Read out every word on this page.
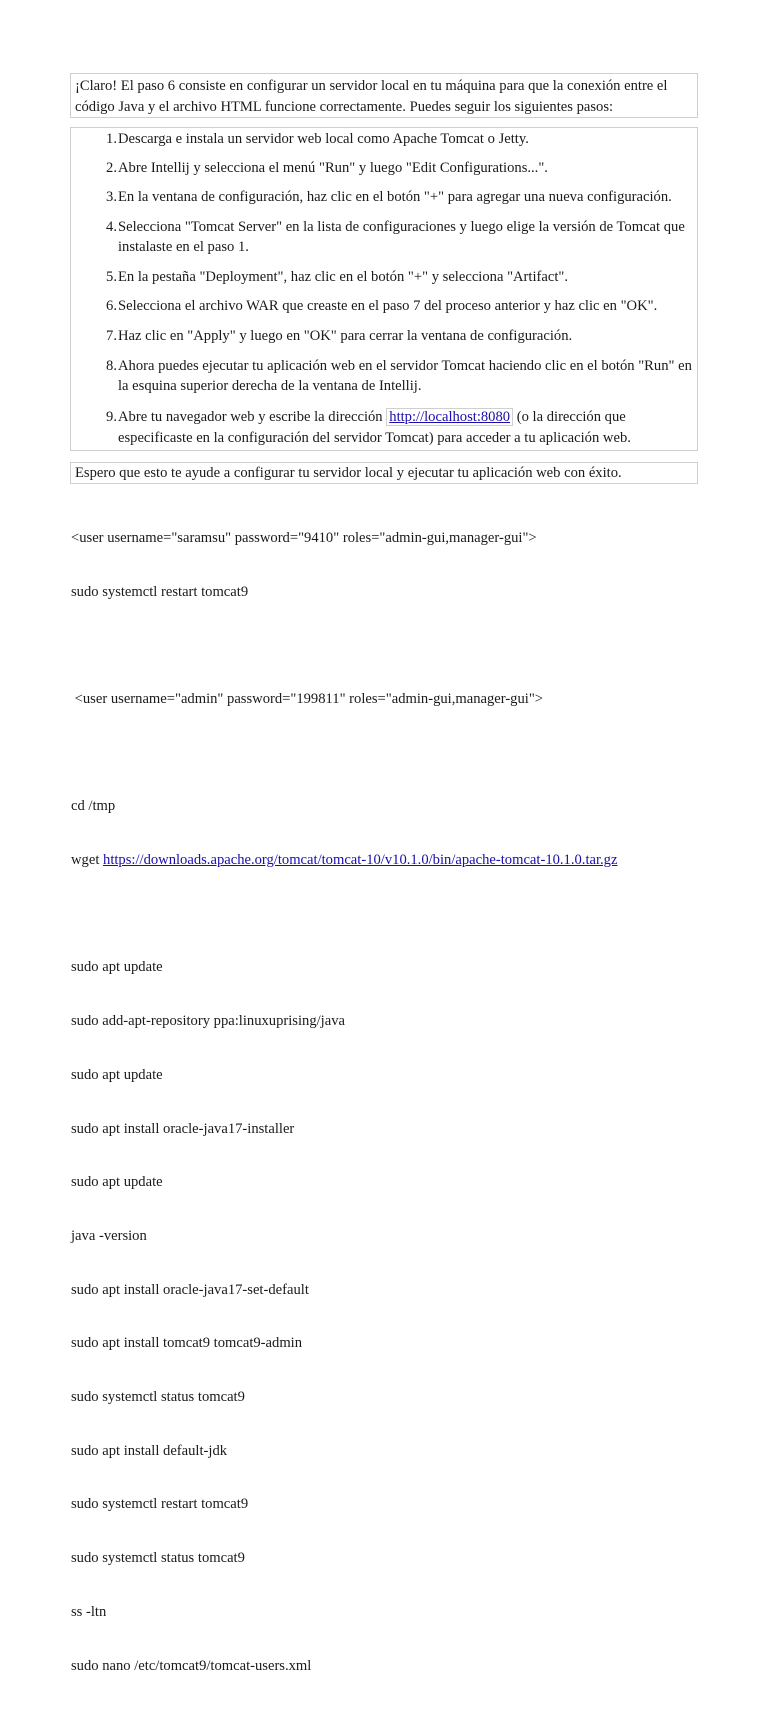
¡Claro! El paso 6 consiste en configurar un servidor local en tu máquina para que la conexión entre el código Java y el archivo HTML funcione correctamente. Puedes seguir los siguientes pasos:
1. Descarga e instala un servidor web local como Apache Tomcat o Jetty.
2. Abre Intellij y selecciona el menú "Run" y luego "Edit Configurations...".
3. En la ventana de configuración, haz clic en el botón "+" para agregar una nueva configuración.
4. Selecciona "Tomcat Server" en la lista de configuraciones y luego elige la versión de Tomcat que instalaste en el paso 1.
5. En la pestaña "Deployment", haz clic en el botón "+" y selecciona "Artifact".
6. Selecciona el archivo WAR que creaste en el paso 7 del proceso anterior y haz clic en "OK".
7. Haz clic en "Apply" y luego en "OK" para cerrar la ventana de configuración.
8. Ahora puedes ejecutar tu aplicación web en el servidor Tomcat haciendo clic en el botón "Run" en la esquina superior derecha de la ventana de Intellij.
9. Abre tu navegador web y escribe la dirección http://localhost:8080 (o la dirección que especificaste en la configuración del servidor Tomcat) para acceder a tu aplicación web.
Espero que esto te ayude a configurar tu servidor local y ejecutar tu aplicación web con éxito.

<user username="saramsu" password="9410" roles="admin-gui,manager-gui">

sudo systemctl restart tomcat9

<user username="admin" password="199811" roles="admin-gui,manager-gui">

cd /tmp

wget https://downloads.apache.org/tomcat/tomcat-10/v10.1.0/bin/apache-tomcat-10.1.0.tar.gz

sudo apt update

sudo add-apt-repository ppa:linuxuprising/java

sudo apt update

sudo apt install oracle-java17-installer

sudo apt update

java -version

sudo apt install oracle-java17-set-default

sudo apt install tomcat9 tomcat9-admin

sudo systemctl status tomcat9

sudo apt install default-jdk

sudo systemctl restart tomcat9

sudo systemctl status tomcat9

ss -ltn

sudo nano /etc/tomcat9/tomcat-users.xml
